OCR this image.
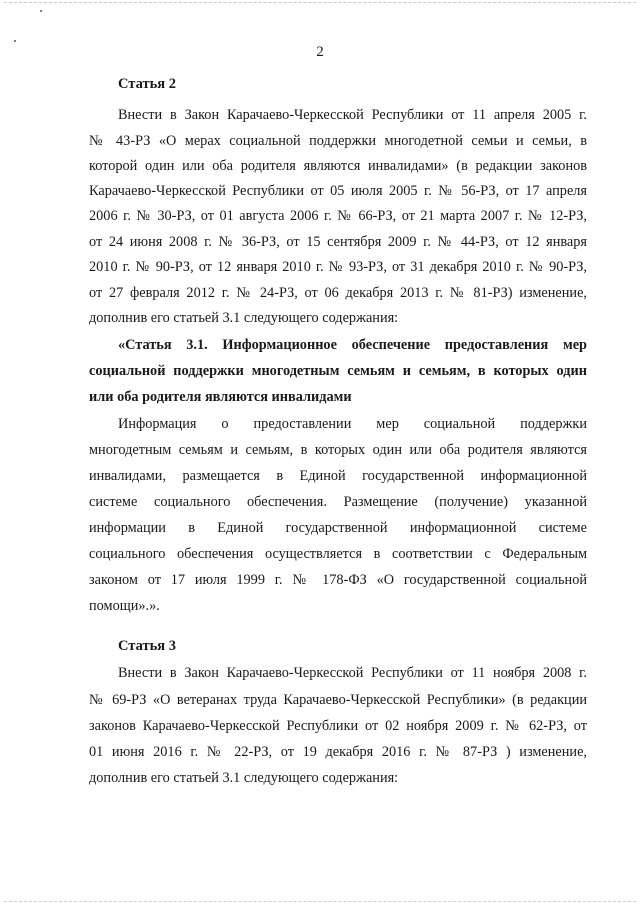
2
Статья 2
Внести в Закон Карачаево-Черкесской Республики от 11 апреля 2005 г.
№ 43-РЗ «О мерах социальной поддержки многодетной семьи и семьи, в
которой один или оба родителя являются инвалидами» (в редакции законов
Карачаево-Черкесской Республики от 05 июля 2005 г. № 56-РЗ, от 17 апреля
2006 г. № 30-РЗ, от 01 августа 2006 г. № 66-РЗ, от 21 марта 2007 г. № 12-РЗ,
от 24 июня 2008 г. № 36-РЗ, от 15 сентября 2009 г. № 44-РЗ, от 12 января
2010 г. № 90-РЗ, от 12 января 2010 г. № 93-РЗ, от 31 декабря 2010 г. № 90-РЗ,
от 27 февраля 2012 г. № 24-РЗ, от 06 декабря 2013 г. № 81-РЗ) изменение,
дополнив его статьей 3.1 следующего содержания:
«Статья 3.1. Информационное обеспечение предоставления мер
социальной поддержки многодетным семьям и семьям, в которых один
или оба родителя являются инвалидами
Информация о предоставлении мер социальной поддержки
многодетным семьям и семьям, в которых один или оба родителя являются
инвалидами, размещается в Единой государственной информационной
системе социального обеспечения. Размещение (получение) указанной
информации в Единой государственной информационной системе
социального обеспечения осуществляется в соответствии с Федеральным
законом от 17 июля 1999 г. № 178-ФЗ «О государственной социальной
помощи».».
Статья 3
Внести в Закон Карачаево-Черкесской Республики от 11 ноября 2008 г.
№ 69-РЗ «О ветеранах труда Карачаево-Черкесской Республики» (в редакции
законов Карачаево-Черкесской Республики от 02 ноября 2009 г. № 62-РЗ, от
01 июня 2016 г. № 22-РЗ, от 19 декабря 2016 г. № 87-РЗ ) изменение,
дополнив его статьей 3.1 следующего содержания:
